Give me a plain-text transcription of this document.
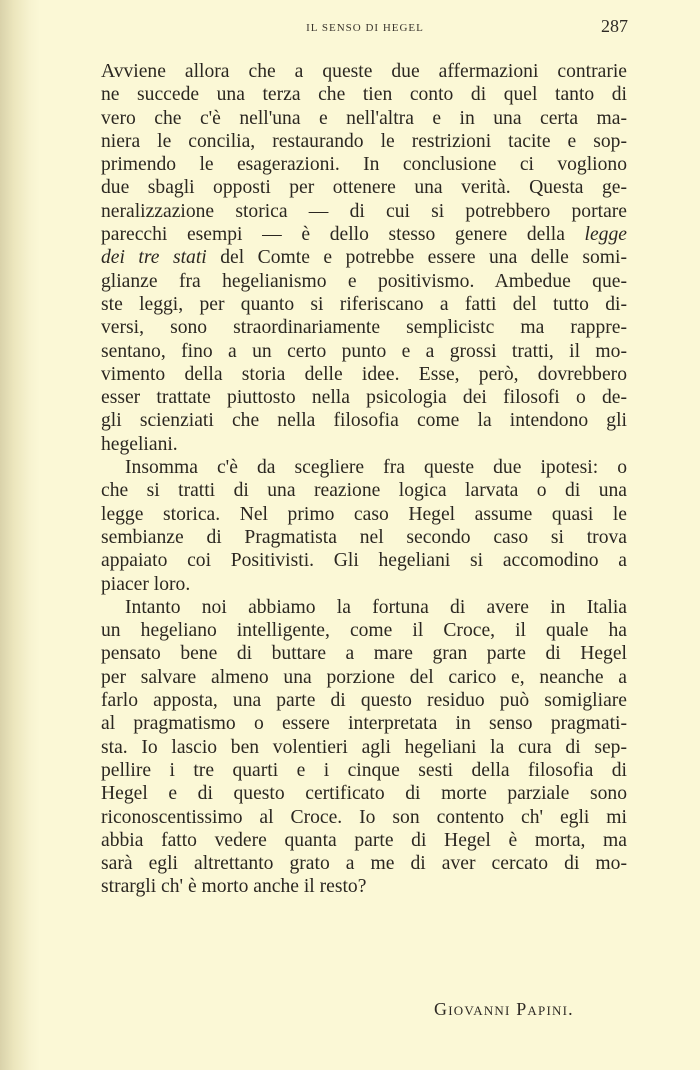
IL SENSO DI HEGEL	287
Avviene allora che a queste due affermazioni contrarie
ne succede una terza che tien conto di quel tanto di
vero che c'è nell'una e nell'altra e in una certa ma-
niera le concilia, restaurando le restrizioni tacite e sop-
primendo le esagerazioni. In conclusione ci vogliono
due sbagli opposti per ottenere una verità. Questa ge-
neralizzazione storica — di cui si potrebbero portare
parecchi esempi — è dello stesso genere della legge
dei tre stati del Comte e potrebbe essere una delle somi-
glianze fra hegelianismo e positivismo. Ambedue que-
ste leggi, per quanto si riferiscano a fatti del tutto di-
versi, sono straordinariamente semplicistc ma rappre-
sentano, fino a un certo punto e a grossi tratti, il mo-
vimento della storia delle idee. Esse, però, dovrebbero
esser trattate piuttosto nella psicologia dei filosofi o de-
gli scienziati che nella filosofia come la intendono gli
hegeliani.
Insomma c'è da scegliere fra queste due ipotesi: o
che si tratti di una reazione logica larvata o di una
legge storica. Nel primo caso Hegel assume quasi le
sembianze di Pragmatista nel secondo caso si trova
appaiato coi Positivisti. Gli hegeliani si accomodino a
piacer loro.
Intanto noi abbiamo la fortuna di avere in Italia
un hegeliano intelligente, come il Croce, il quale ha
pensato bene di buttare a mare gran parte di Hegel
per salvare almeno una porzione del carico e, neanche a
farlo apposta, una parte di questo residuo può somigliare
al pragmatismo o essere interpretata in senso pragmati-
sta. Io lascio ben volentieri agli hegeliani la cura di sep-
pellire i tre quarti e i cinque sesti della filosofia di
Hegel e di questo certificato di morte parziale sono
riconoscentissimo al Croce. Io son contento ch' egli mi
abbia fatto vedere quanta parte di Hegel è morta, ma
sarà egli altrettanto grato a me di aver cercato di mo-
strargli ch' è morto anche il resto?
Giovanni Papini.
